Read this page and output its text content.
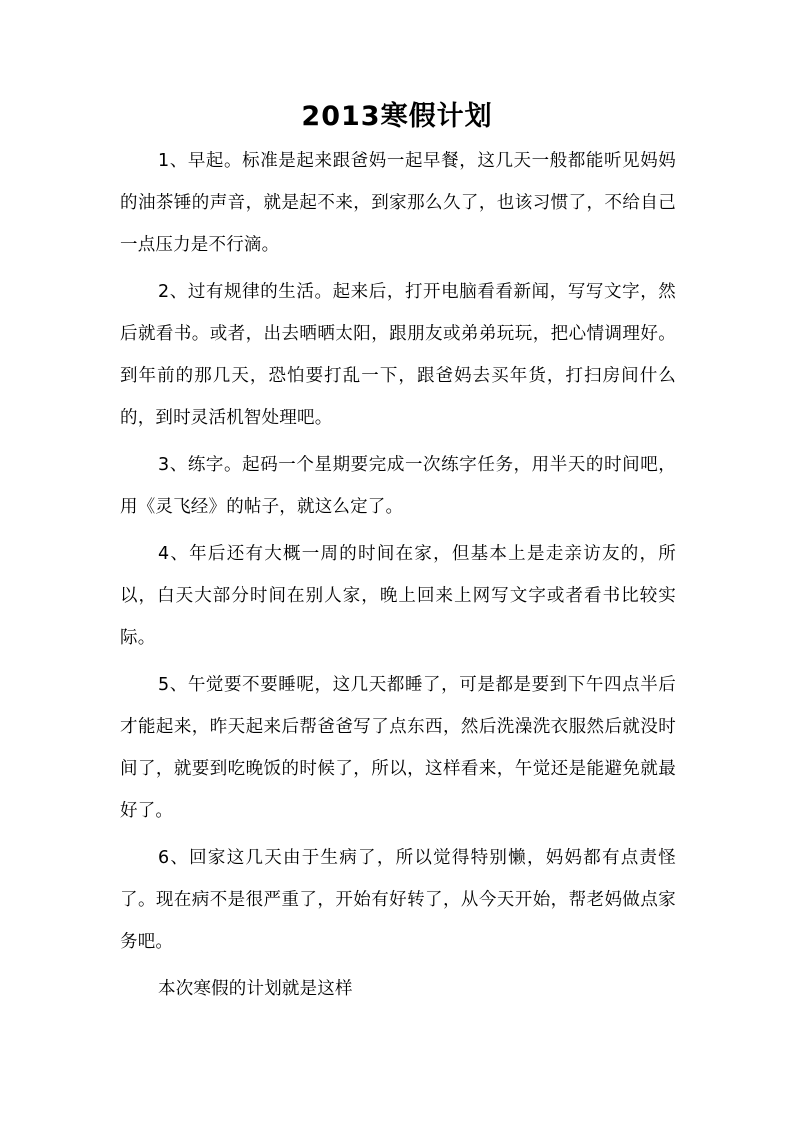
2013寒假计划

1、早起。标准是起来跟爸妈一起早餐，这几天一般都能听见妈妈的油茶锤的声音，就是起不来，到家那么久了，也该习惯了，不给自己一点压力是不行滴。

2、过有规律的生活。起来后，打开电脑看看新闻，写写文字，然后就看书。或者，出去晒晒太阳，跟朋友或弟弟玩玩，把心情调理好。到年前的那几天，恐怕要打乱一下，跟爸妈去买年货，打扫房间什么的，到时灵活机智处理吧。

3、练字。起码一个星期要完成一次练字任务，用半天的时间吧，用《灵飞经》的帖子，就这么定了。

4、年后还有大概一周的时间在家，但基本上是走亲访友的，所以，白天大部分时间在别人家，晚上回来上网写文字或者看书比较实际。

5、午觉要不要睡呢，这几天都睡了，可是都是要到下午四点半后才能起来，昨天起来后帮爸爸写了点东西，然后洗澡洗衣服然后就没时间了，就要到吃晚饭的时候了，所以，这样看来，午觉还是能避免就最好了。

6、回家这几天由于生病了，所以觉得特别懒，妈妈都有点责怪了。现在病不是很严重了，开始有好转了，从今天开始，帮老妈做点家务吧。

本次寒假的计划就是这样
